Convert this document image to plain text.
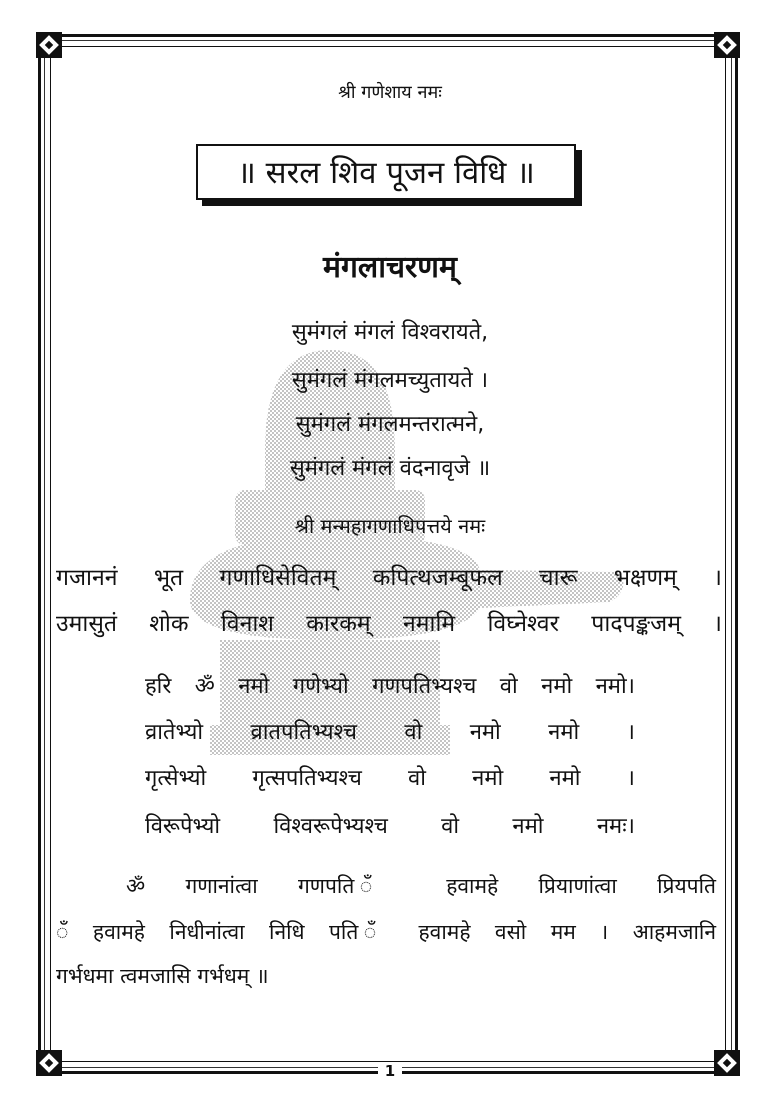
श्री गणेशाय नमः
॥ सरल शिव पूजन विधि ॥
मंगलाचरणम्
सुमंगलं मंगलं विश्वरायते,
सुमंगलं मंगलमच्युतायते ।
सुमंगलं मंगलमन्तरात्मने,
सुमंगलं मंगलं वंदनावृजे ॥
श्री मन्महागणाधिपत्तये नमः
गजाननं भूत गणाधिसेवितम् कपित्थजम्बूफल चारू भक्षणम् ।
उमासुतं शोक विनाश कारकम् नमामि विघ्नेश्वर पादपङ्कजम् ।
हरि ॐ नमो गणेभ्यो गणपतिभ्यश्च वो नमो नमो।
व्रातेभ्यो व्रातपतिभ्यश्च वो नमो नमो ।
गृत्सेभ्यो गृत्सपतिभ्यश्च वो नमो नमो ।
विरूपेभ्यो विश्वरूपेभ्यश्च वो नमो नमः।
ॐ गणानांत्वा गणपति ँ हवामहे प्रियाणांत्वा प्रियपति
ँ हवामहे निधीनांत्वा निधि पति ँ हवामहे वसो मम । आहमजानि
गर्भधमा त्वमजासि गर्भधम् ॥
1
